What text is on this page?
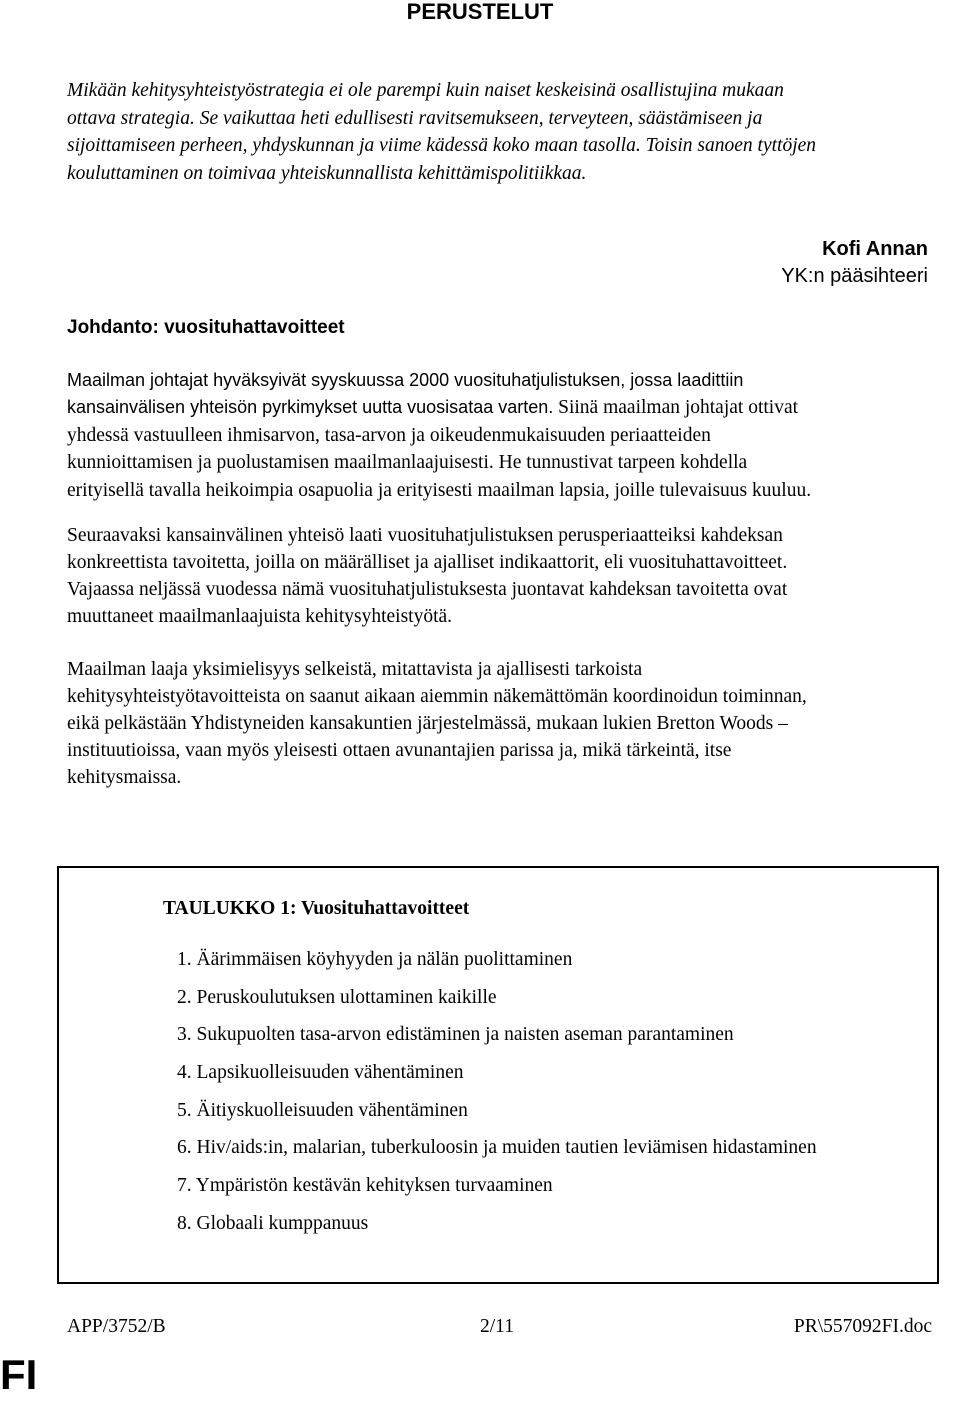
PERUSTELUT

Mikään kehitysyhteistyöstrategia ei ole parempi kuin naiset keskeisinä osallistujina mukaan
ottava strategia. Se vaikuttaa heti edullisesti ravitsemukseen, terveyteen, säästämiseen ja
sijoittamiseen perheen, yhdyskunnan ja viime kädessä koko maan tasolla. Toisin sanoen tyttöjen
kouluttaminen on toimivaa yhteiskunnallista kehittämispolitiikkaa.

Kofi Annan
YK:n pääsihteeri
Johdanto: vuosituhattavoitteet

Maailman johtajat hyväksyivät syyskuussa 2000 vuosituhatjulistuksen, jossa laadittiin
kansainvälisen yhteisön pyrkimykset uutta vuosisataa varten. Siinä maailman johtajat ottivat
yhdessä vastuulleen ihmisarvon, tasa-arvon ja oikeudenmukaisuuden periaatteiden
kunnioittamisen ja puolustamisen maailmanlaajuisesti. He tunnustivat tarpeen kohdella
erityisellä tavalla heikoimpia osapuolia ja erityisesti maailman lapsia, joille tulevaisuus kuuluu.

Seuraavaksi kansainvälinen yhteisö laati vuosituhatjulistuksen perusperiaatteiksi kahdeksan
konkreettista tavoitetta, joilla on määrälliset ja ajalliset indikaattorit, eli vuosituhattavoitteet.
Vajaassa neljässä vuodessa nämä vuosituhatjulistuksesta juontavat kahdeksan tavoitetta ovat
muuttaneet maailmanlaajuista kehitysyhteistyötä.

Maailman laaja yksimielisyys selkeistä, mitattavista ja ajallisesti tarkoista
kehitysyhteistyötavoitteista on saanut aikaan aiemmin näkemättömän koordinoidun toiminnan,
eikä pelkästään Yhdistyneiden kansakuntien järjestelmässä, mukaan lukien Bretton Woods –
instituutioissa, vaan myös yleisesti ottaen avunantajien parissa ja, mikä tärkeintä, itse
kehitysmaissa.

TAULUKKO 1: Vuosituhattavoitteet
1. Äärimmäisen köyhyyden ja nälän puolittaminen
2. Peruskoulutuksen ulottaminen kaikille
3. Sukupuolten tasa-arvon edistäminen ja naisten aseman parantaminen
4. Lapsikuolleisuuden vähentäminen
5. Äitiyskuolleisuuden vähentäminen
6. Hiv/aids:in, malarian, tuberkuloosin ja muiden tautien leviämisen hidastaminen
7. Ympäristön kestävän kehityksen turvaaminen
8. Globaali kumppanuus
APP/3752/B	2/11	PR\557092FI.doc
FI
